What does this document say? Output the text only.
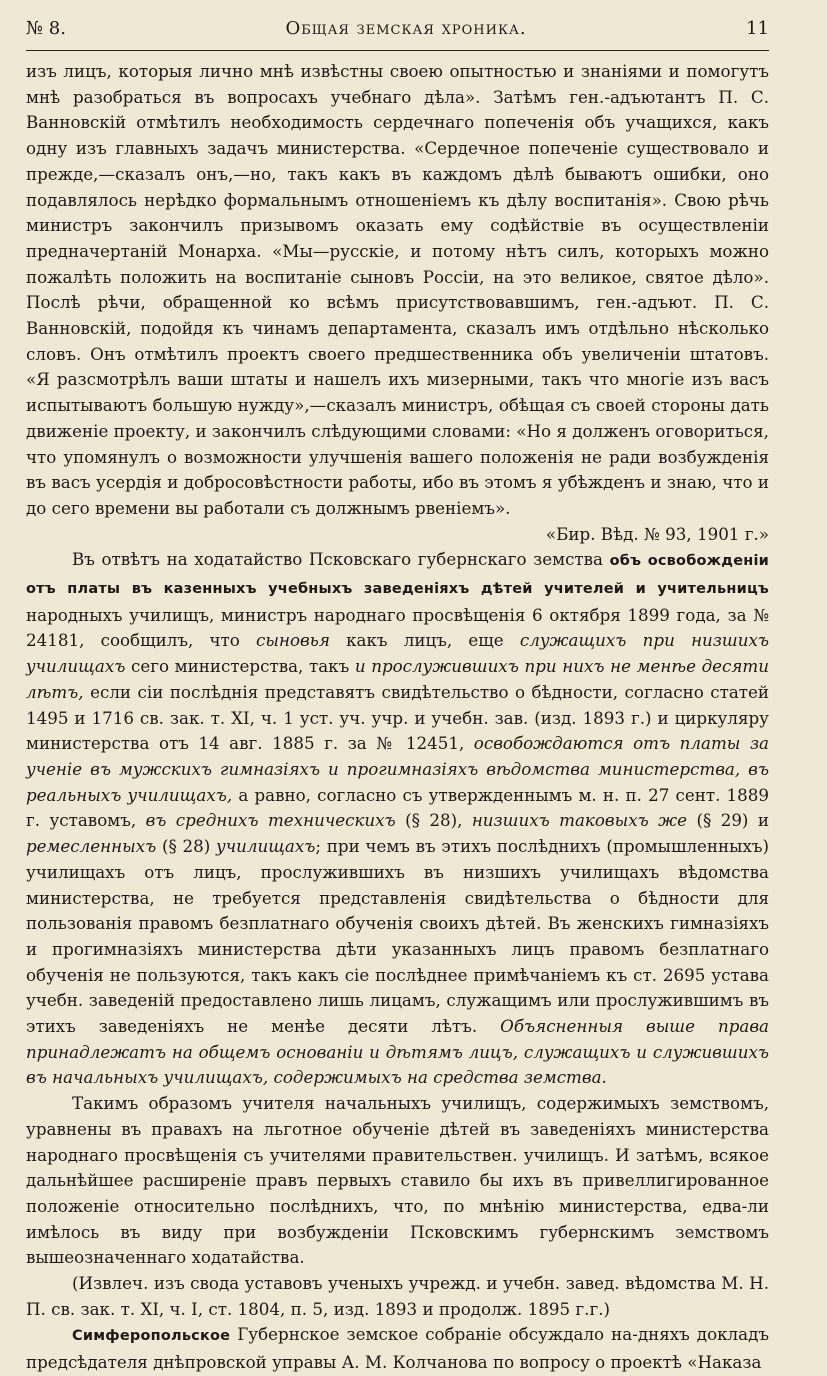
№ 8.	Общая земская хроника.	11

изъ лицъ, которыя лично мнѣ извѣстны своею опытностью и знаніями и помогутъ мнѣ разобраться въ вопросахъ учебнаго дѣла». Затѣмъ ген.-адъютантъ П. С. Ванновскій отмѣтилъ необходимость сердечнаго попеченія объ учащихся, какъ одну изъ главныхъ задачъ министерства. «Сердечное попеченіе существовало и прежде,—сказалъ онъ,—но, такъ какъ въ каждомъ дѣлѣ бываютъ ошибки, оно подавлялось нерѣдко формальнымъ отношеніемъ къ дѣлу воспитанія». Свою рѣчь министръ закончилъ призывомъ оказать ему содѣйствіе въ осуществленіи предначертаній Монарха. «Мы—русскіе, и потому нѣтъ силъ, которыхъ можно пожалѣть положить на воспитаніе сыновъ Россіи, на это великое, святое дѣло». Послѣ рѣчи, обращенной ко всѣмъ присутствовавшимъ, ген.-адъют. П. С. Ванновскій, подойдя къ чинамъ департамента, сказалъ имъ отдѣльно нѣсколько словъ. Онъ отмѣтилъ проектъ своего предшественника объ увеличеніи штатовъ. «Я разсмотрѣлъ ваши штаты и нашелъ ихъ мизерными, такъ что многіе изъ васъ испытываютъ большую нужду»,—сказалъ министръ, обѣщая съ своей стороны дать движеніе проекту, и закончилъ слѣдующими словами: «Но я долженъ оговориться, что упомянулъ о возможности улучшенія вашего положенія не ради возбужденія въ васъ усердія и добросовѣстности работы, ибо въ этомъ я убѣжденъ и знаю, что и до сего времени вы работали съ должнымъ рвеніемъ».

«Бир. Вѣд. № 93, 1901 г.»

Въ отвѣтъ на ходатайство Псковскаго губернскаго земства объ освобожденіи отъ платы въ казенныхъ учебныхъ заведеніяхъ дѣтей учителей и учительницъ народныхъ училищъ, министръ народнаго просвѣщенія 6 октября 1899 года, за № 24181, сообщилъ, что сыновья какъ лицъ, еще служащихъ при низшихъ училищахъ сего министерства, такъ и прослужившихъ при нихъ не менѣе десяти лѣтъ, если сіи послѣднія представятъ свидѣтельство о бѣдности, согласно статей 1495 и 1716 св. зак. т. XI, ч. 1 уст. уч. учр. и учебн. зав. (изд. 1893 г.) и циркуляру министерства отъ 14 авг. 1885 г. за № 12451, освобождаются отъ платы за ученіе въ мужскихъ гимназіяхъ и прогимназіяхъ вѣдомства министерства, въ реальныхъ училищахъ, а равно, согласно съ утвержденнымъ м. н. п. 27 сент. 1889 г. уставомъ, въ среднихъ техническихъ (§ 28), низшихъ таковыхъ же (§ 29) и ремесленныхъ (§ 28) училищахъ; при чемъ въ этихъ послѣднихъ (промышленныхъ) училищахъ отъ лицъ, прослужившихъ въ низшихъ училищахъ вѣдомства министерства, не требуется представленія свидѣтельства о бѣдности для пользованія правомъ безплатнаго обученія своихъ дѣтей. Въ женскихъ гимназіяхъ и прогимназіяхъ министерства дѣти указанныхъ лицъ правомъ безплатнаго обученія не пользуются, такъ какъ сіе послѣднее примѣчаніемъ къ ст. 2695 устава учебн. заведеній предоставлено лишь лицамъ, служащимъ или прослужившимъ въ этихъ заведеніяхъ не менѣе десяти лѣтъ. Объясненныя выше права принадлежатъ на общемъ основаніи и дѣтямъ лицъ, служащихъ и служившихъ въ начальныхъ училищахъ, содержимыхъ на средства земства.

Такимъ образомъ учителя начальныхъ училищъ, содержимыхъ земствомъ, уравнены въ правахъ на льготное обученіе дѣтей въ заведеніяхъ министерства народнаго просвѣщенія съ учителями правительствен. училищъ. И затѣмъ, всякое дальнѣйшее расширеніе правъ первыхъ ставило бы ихъ въ привеллигированное положеніе относительно послѣднихъ, что, по мнѣнію министерства, едва-ли имѣлось въ виду при возбужденіи Псковскимъ губернскимъ земствомъ вышеозначеннаго ходатайства.

(Извлеч. изъ свода уставовъ ученыхъ учрежд. и учебн. завед. вѣдомства М. Н. П. св. зак. т. XI, ч. I, ст. 1804, п. 5, изд. 1893 и продолж. 1895 г.г.)

Симферопольское Губернское земское собраніе обсуждало на-дняхъ докладъ предсѣдателя днѣпровской управы А. М. Колчанова по вопросу о проектѣ «Наказа
